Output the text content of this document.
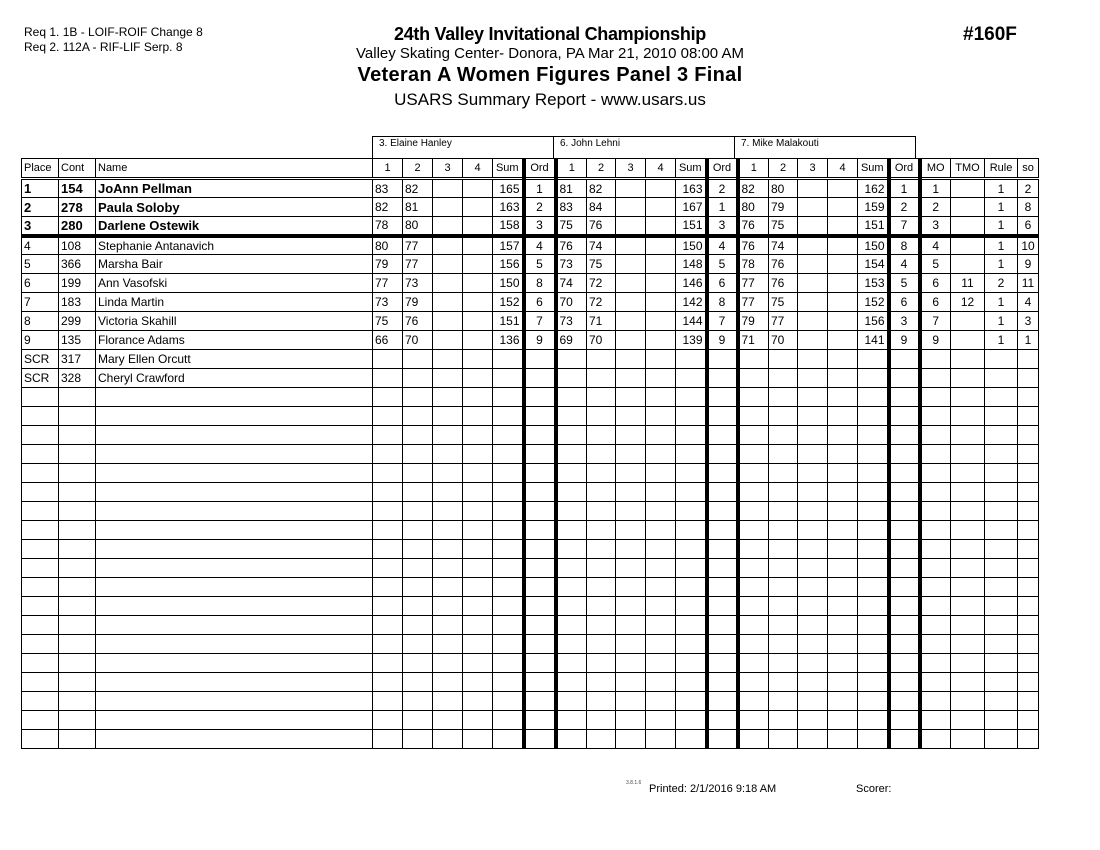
Req 1. 1B - LOIF-ROIF Change 8
Req 2. 112A - RIF-LIF Serp. 8
#160F
24th Valley Invitational Championship
Valley Skating Center- Donora, PA Mar 21, 2010 08:00 AM
Veteran A Women Figures Panel 3 Final
USARS Summary Report - www.usars.us
3. Elaine Hanley	6. John Lehni	7. Mike Malakouti
Place	Cont	Name	1	2	3	4	Sum	Ord	1	2	3	4	Sum	Ord	1	2	3	4	Sum	Ord	MO	TMO	Rule	so
1	154	JoAnn Pellman	83	82			165	1	81	82			163	2	82	80			162	1	1		1	2
2	278	Paula Soloby	82	81			163	2	83	84			167	1	80	79			159	2	2		1	8
3	280	Darlene Ostewik	78	80			158	3	75	76			151	3	76	75			151	7	3		1	6
4	108	Stephanie Antanavich	80	77			157	4	76	74			150	4	76	74			150	8	4		1	10
5	366	Marsha Bair	79	77			156	5	73	75			148	5	78	76			154	4	5		1	9
6	199	Ann Vasofski	77	73			150	8	74	72			146	6	77	76			153	5	6	11	2	11
7	183	Linda Martin	73	79			152	6	70	72			142	8	77	75			152	6	6	12	1	4
8	299	Victoria Skahill	75	76			151	7	73	71			144	7	79	77			156	3	7		1	3
9	135	Florance Adams	66	70			136	9	69	70			139	9	71	70			141	9	9		1	1
SCR	317	Mary Ellen Orcutt																						
SCR	328	Cheryl Crawford																						

3.8.1.6 Printed: 2/1/2016 9:18 AM	Scorer:
